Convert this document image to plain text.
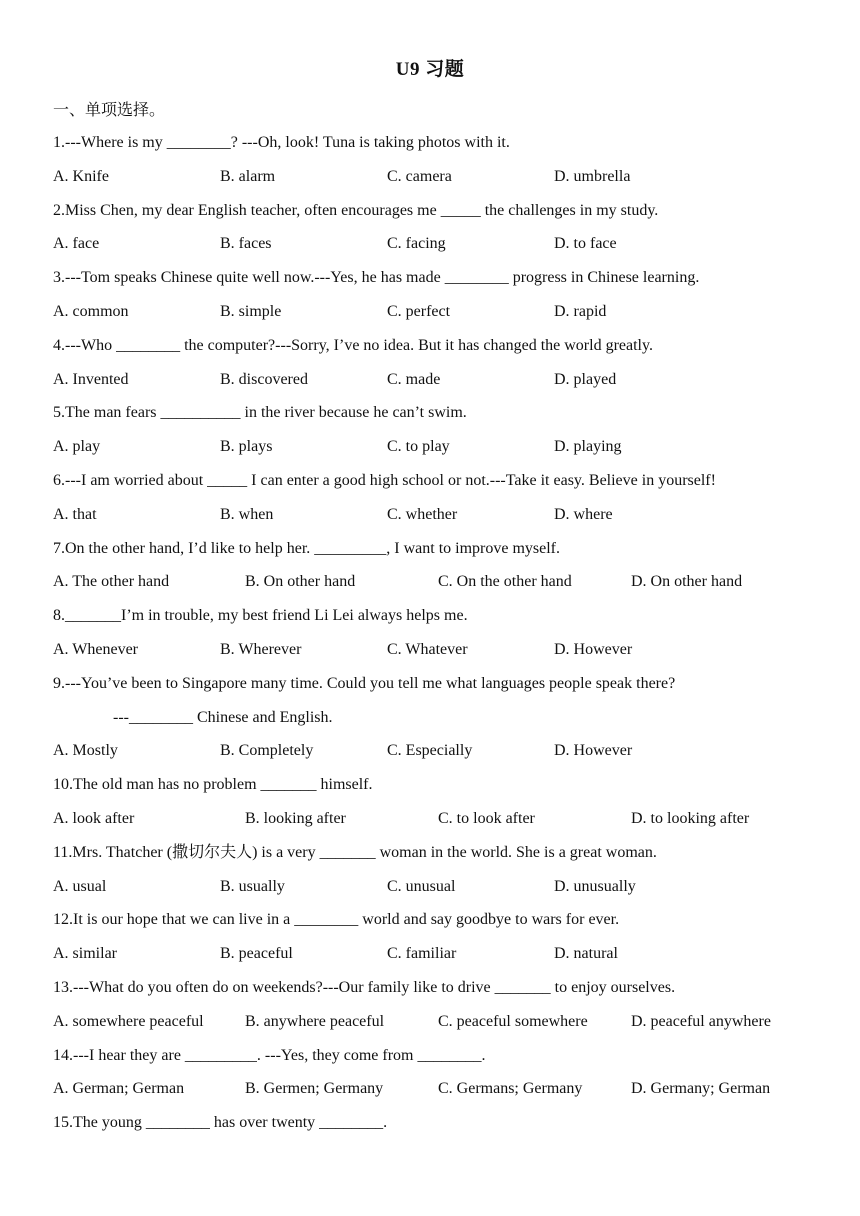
U9 习题
一、单项选择。
1.---Where is my ________? ---Oh, look! Tuna is taking photos with it.
A. Knife	B. alarm	C. camera	D. umbrella
2.Miss Chen, my dear English teacher, often encourages me _____ the challenges in my study.
A. face	B. faces	C. facing	D. to face
3.---Tom speaks Chinese quite well now.---Yes, he has made ________ progress in Chinese learning.
A. common	B. simple	C. perfect	D. rapid
4.---Who ________ the computer?---Sorry, I’ve no idea. But it has changed the world greatly.
A. Invented	B. discovered	C. made	D. played
5.The man fears __________ in the river because he can’t swim.
A. play	B. plays	C. to play	D. playing
6.---I am worried about _____ I can enter a good high school or not.---Take it easy. Believe in yourself!
A. that	B. when	C. whether	D. where
7.On the other hand, I’d like to help her. _________, I want to improve myself.
A. The other hand	B. On other hand	C. On the other hand	D. On other hand
8._______I’m in trouble, my best friend Li Lei always helps me.
A. Whenever	B. Wherever	C. Whatever	D. However
9.---You’ve been to Singapore many time. Could you tell me what languages people speak there?
---________ Chinese and English.
A. Mostly	B. Completely	C. Especially	D. However
10.The old man has no problem _______ himself.
A. look after	B. looking after	C. to look after	D. to looking after
11.Mrs. Thatcher (撒切尔夫人) is a very _______ woman in the world. She is a great woman.
A. usual	B. usually	C. unusual	D. unusually
12.It is our hope that we can live in a ________ world and say goodbye to wars for ever.
A. similar	B. peaceful	C. familiar	D. natural
13.---What do you often do on weekends?---Our family like to drive _______ to enjoy ourselves.
A. somewhere peaceful	B. anywhere peaceful	C. peaceful somewhere	D. peaceful anywhere
14.---I hear they are _________. ---Yes, they come from ________.
A. German; German	B. Germen; Germany	C. Germans; Germany	D. Germany; German
15.The young ________ has over twenty ________.
